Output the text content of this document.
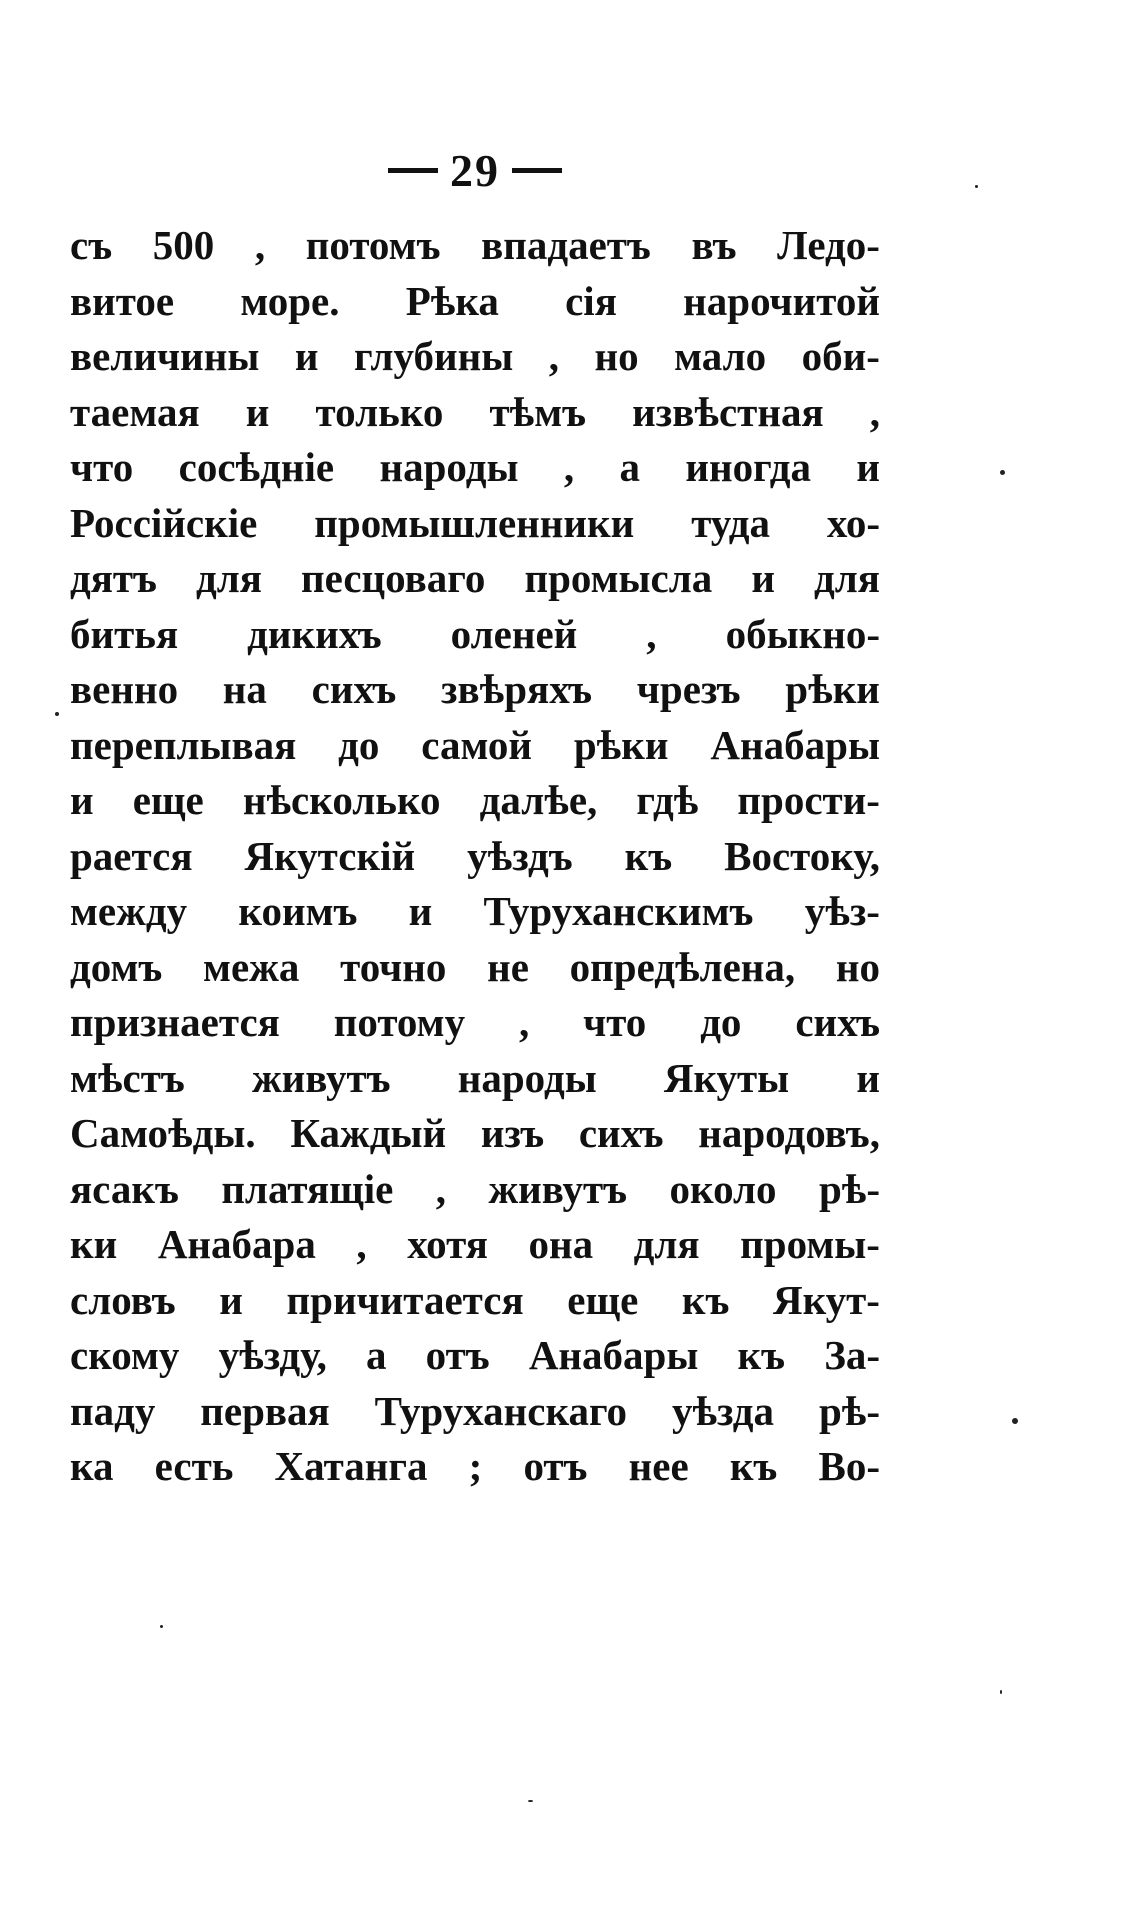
29
съ 500 , потомъ впадаетъ въ Ледо-
витое море. Рѣка сія нарочитой
величины и глубины , но мало оби-
таемая и только тѣмъ извѣстная ,
что сосѣдніе народы , а иногда и
Россійскіе промышленники туда хо-
дятъ для песцоваго промысла и для
битья дикихъ оленей , обыкно-
венно на сихъ звѣряхъ чрезъ рѣки
переплывая до самой рѣки Анабары
и еще нѣсколько далѣе, гдѣ прости-
рается Якутскій уѣздъ къ Востоку,
между коимъ и Туруханскимъ уѣз-
домъ межа точно не опредѣлена, но
признается потому , что до сихъ
мѣстъ живутъ народы Якуты и
Самоѣды. Каждый изъ сихъ народовъ,
ясакъ платящіе , живутъ около рѣ-
ки Анабара , хотя она для промы-
словъ и причитается еще къ Якут-
скому уѣзду, а отъ Анабары къ За-
паду первая Туруханскаго уѣзда рѣ-
ка есть Хатанга ; отъ нее къ Во-
